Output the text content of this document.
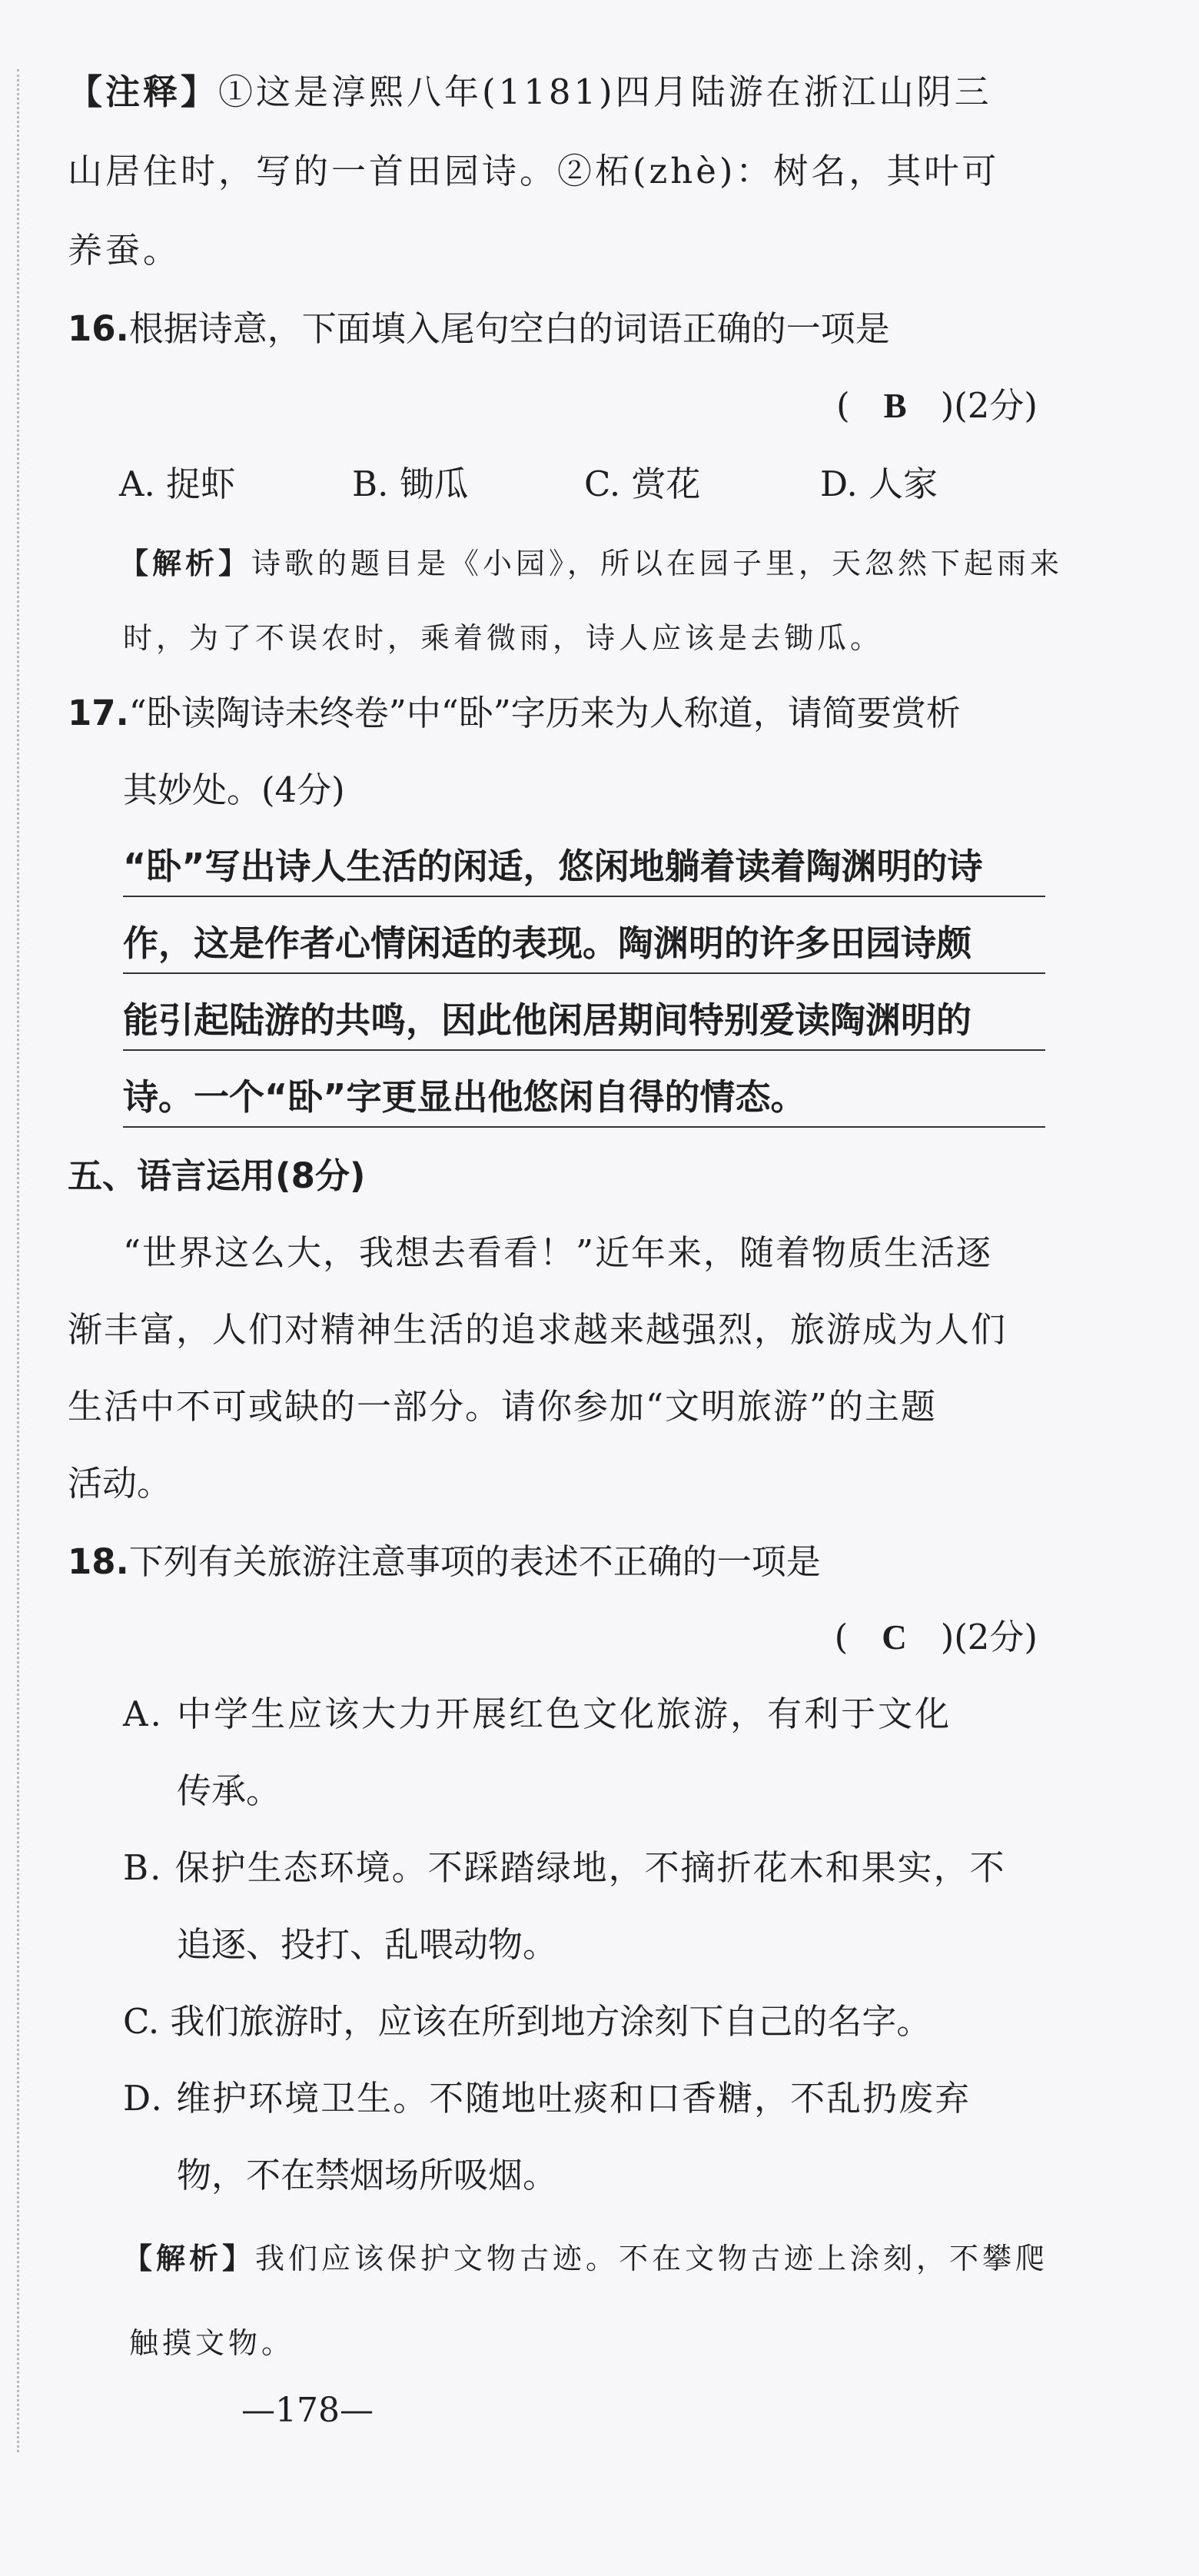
【注释】①这是淳熙八年(1181)四月陆游在浙江山阴三
山居住时，写的一首田园诗。②柘(zhè)：树名，其叶可
养蚕。
16.根据诗意，下面填入尾句空白的词语正确的一项是
( B )(2分)
A. 捉虾	B. 锄瓜	C. 赏花	D. 人家
【解析】诗歌的题目是《小园》，所以在园子里，天忽然下起雨来
时，为了不误农时，乘着微雨，诗人应该是去锄瓜。
17.“卧读陶诗未终卷”中“卧”字历来为人称道，请简要赏析
其妙处。(4分)
“卧”写出诗人生活的闲适，悠闲地躺着读着陶渊明的诗
作，这是作者心情闲适的表现。陶渊明的许多田园诗颇
能引起陆游的共鸣，因此他闲居期间特别爱读陶渊明的
诗。一个“卧”字更显出他悠闲自得的情态。
五、语言运用(8分)
“世界这么大，我想去看看！”近年来，随着物质生活逐
渐丰富，人们对精神生活的追求越来越强烈，旅游成为人们
生活中不可或缺的一部分。请你参加“文明旅游”的主题
活动。
18.下列有关旅游注意事项的表述不正确的一项是
( C )(2分)
A. 中学生应该大力开展红色文化旅游，有利于文化
传承。
B. 保护生态环境。不踩踏绿地，不摘折花木和果实，不
追逐、投打、乱喂动物。
C. 我们旅游时，应该在所到地方涂刻下自己的名字。
D. 维护环境卫生。不随地吐痰和口香糖，不乱扔废弃
物，不在禁烟场所吸烟。
【解析】我们应该保护文物古迹。不在文物古迹上涂刻，不攀爬
触摸文物。
—178—
